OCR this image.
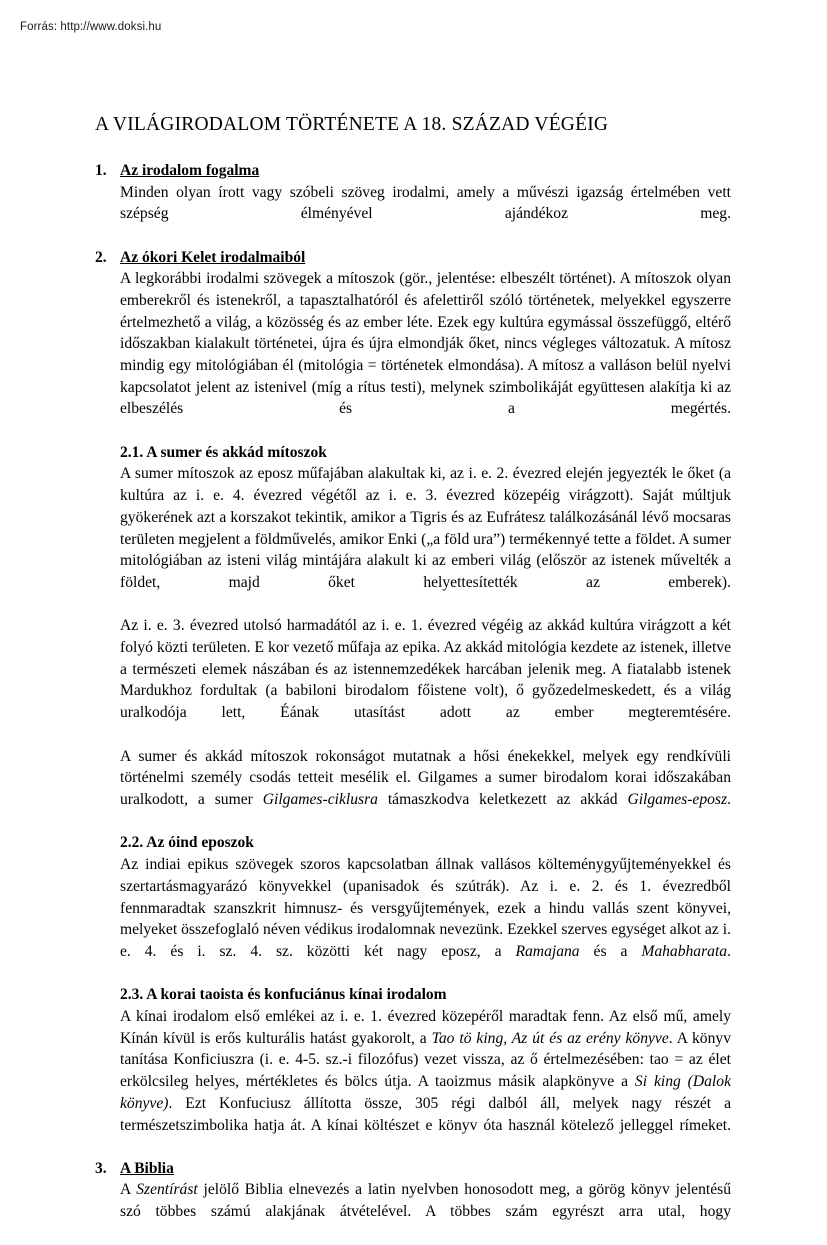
Forrás: http://www.doksi.hu
A VILÁGIRODALOM TÖRTÉNETE A 18. SZÁZAD VÉGÉIG
Az irodalom fogalma

Minden olyan írott vagy szóbeli szöveg irodalmi, amely a művészi igazság értelmében vett szépség élményével ajándékoz meg.

Az ókori Kelet irodalmaiból

A legkorábbi irodalmi szövegek a mítoszok (gör., jelentése: elbeszélt történet). A mítoszok olyan emberekről és istenekről, a tapasztalhatóról és afelettiről szóló történetek, melyekkel egyszerre értelmezhető a világ, a közösség és az ember léte. Ezek egy kultúra egymással összefüggő, eltérő időszakban kialakult történetei, újra és újra elmondják őket, nincs végleges változatuk. A mítosz mindig egy mitológiában él (mitológia = történetek elmondása). A mítosz a valláson belül nyelvi kapcsolatot jelent az istenivel (míg a rítus testi), melynek szimbolikáját együttesen alakítja ki az elbeszélés és a megértés.

2.1. A sumer és akkád mítoszok

A sumer mítoszok az eposz műfajában alakultak ki, az i. e. 2. évezred elején jegyezték le őket (a kultúra az i. e. 4. évezred végétől az i. e. 3. évezred közepéig virágzott). Saját múltjuk gyökerének azt a korszakot tekintik, amikor a Tigris és az Eufrátesz találkozásánál lévő mocsaras területen megjelent a földművelés, amikor Enki („a föld ura”) termékennyé tette a földet. A sumer mitológiában az isteni világ mintájára alakult ki az emberi világ (először az istenek művelték a földet, majd őket helyettesítették az emberek).

Az i. e. 3. évezred utolsó harmadától az i. e. 1. évezred végéig az akkád kultúra virágzott a két folyó közti területen. E kor vezető műfaja az epika. Az akkád mitológia kezdete az istenek, illetve a természeti elemek nászában és az istennemzedékek harcában jelenik meg. A fiatalabb istenek Mardukhoz fordultak (a babiloni birodalom főistene volt), ő győzedelmeskedett, és a világ uralkodója lett, Éának utasítást adott az ember megteremtésére.

A sumer és akkád mítoszok rokonságot mutatnak a hősi énekekkel, melyek egy rendkívüli történelmi személy csodás tetteit mesélik el. Gilgames a sumer birodalom korai időszakában uralkodott, a sumer Gilgames-ciklusra támaszkodva keletkezett az akkád Gilgames-eposz.

2.2. Az óind eposzok

Az indiai epikus szövegek szoros kapcsolatban állnak vallásos költeménygyűjteményekkel és szertartásmagyarázó könyvekkel (upanisadok és szútrák). Az i. e. 2. és 1. évezredből fennmaradtak szanszkrit himnusz- és versgyűjtemények, ezek a hindu vallás szent könyvei, melyeket összefoglaló néven védikus irodalomnak nevezünk. Ezekkel szerves egységet alkot az i. e. 4. és i. sz. 4. sz. közötti két nagy eposz, a Ramajana és a Mahabharata.

2.3. A korai taoista és konfuciánus kínai irodalom

A kínai irodalom első emlékei az i. e. 1. évezred közepéről maradtak fenn. Az első mű, amely Kínán kívül is erős kulturális hatást gyakorolt, a Tao tö king, Az út és az erény könyve. A könyv tanítása Konficiuszra (i. e. 4-5. sz.-i filozófus) vezet vissza, az ő értelmezésében: tao = az élet erkölcsileg helyes, mértékletes és bölcs útja. A taoizmus másik alapkönyve a Si king (Dalok könyve). Ezt Konfuciusz állította össze, 305 régi dalból áll, melyek nagy részét a természetszimbolika hatja át. A kínai költészet e könyv óta használ kötelező jelleggel rímeket.

A Biblia

A Szentírást jelölő Biblia elnevezés a latin nyelvben honosodott meg, a görög könyv jelentésű szó többes számú alakjának átvételével. A többes szám egyrészt arra utal, hogy
